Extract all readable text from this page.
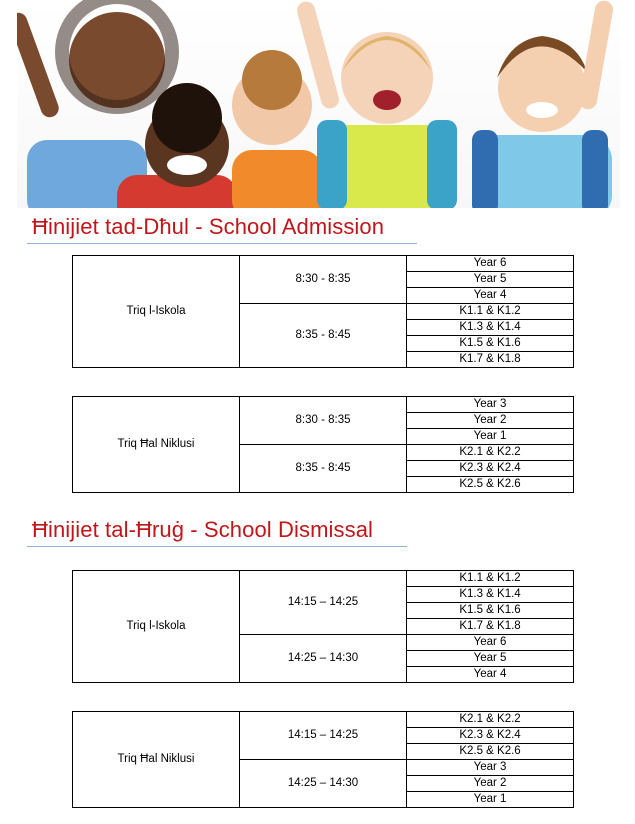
Ħinijiet tad-Dħul - School Admission
Triq l-Iskola	8:30 - 8:35	Year 6
		Year 5
		Year 4
	8:35 - 8:45	K1.1 & K1.2
		K1.3 & K1.4
		K1.5 & K1.6
		K1.7 & K1.8
Triq Ħal Niklusi	8:30 - 8:35	Year 3
		Year 2
		Year 1
	8:35 - 8:45	K2.1 & K2.2
		K2.3 & K2.4
		K2.5 & K2.6
Ħinijiet tal-Ħruġ - School Dismissal
Triq l-Iskola	14:15 – 14:25	K1.1 & K1.2
		K1.3 & K1.4
		K1.5 & K1.6
		K1.7 & K1.8
	14:25 – 14:30	Year 6
		Year 5
		Year 4
Triq Ħal Niklusi	14:15 – 14:25	K2.1 & K2.2
		K2.3 & K2.4
		K2.5 & K2.6
	14:25 – 14:30	Year 3
		Year 2
		Year 1
